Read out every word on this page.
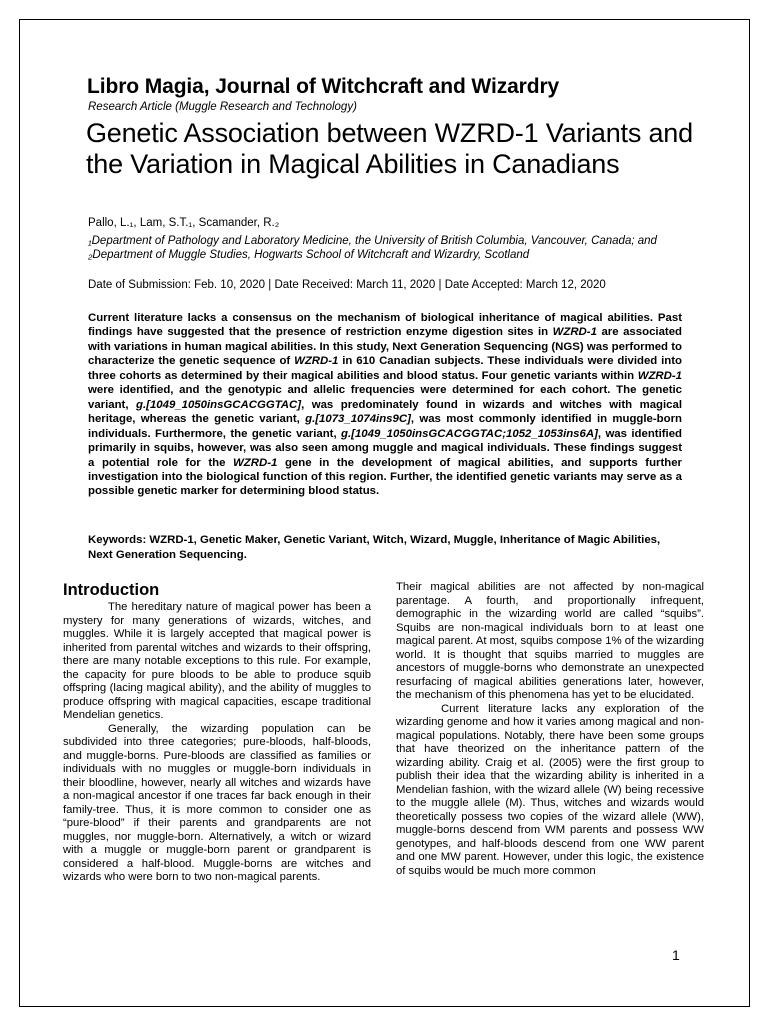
Libro Magia, Journal of Witchcraft and Wizardry
Research Article (Muggle Research and Technology)
Genetic Association between WZRD-1 Variants and the Variation in Magical Abilities in Canadians
Pallo, L.₁, Lam, S.T.₁, Scamander, R.₂
₁Department of Pathology and Laboratory Medicine, the University of British Columbia, Vancouver, Canada; and ₂Department of Muggle Studies, Hogwarts School of Witchcraft and Wizardry, Scotland
Date of Submission: Feb. 10, 2020 | Date Received: March 11, 2020 | Date Accepted: March 12, 2020
Current literature lacks a consensus on the mechanism of biological inheritance of magical abilities. Past findings have suggested that the presence of restriction enzyme digestion sites in WZRD-1 are associated with variations in human magical abilities. In this study, Next Generation Sequencing (NGS) was performed to characterize the genetic sequence of WZRD-1 in 610 Canadian subjects. These individuals were divided into three cohorts as determined by their magical abilities and blood status. Four genetic variants within WZRD-1 were identified, and the genotypic and allelic frequencies were determined for each cohort. The genetic variant, g.[1049_1050insGCACGGTAC], was predominately found in wizards and witches with magical heritage, whereas the genetic variant, g.[1073_1074ins9C], was most commonly identified in muggle-born individuals. Furthermore, the genetic variant, g.[1049_1050insGCACGGTAC;1052_1053ins6A], was identified primarily in squibs, however, was also seen among muggle and magical individuals. These findings suggest a potential role for the WZRD-1 gene in the development of magical abilities, and supports further investigation into the biological function of this region. Further, the identified genetic variants may serve as a possible genetic marker for determining blood status.
Keywords: WZRD-1, Genetic Maker, Genetic Variant, Witch, Wizard, Muggle, Inheritance of Magic Abilities, Next Generation Sequencing.
Introduction

The hereditary nature of magical power has been a mystery for many generations of wizards, witches, and muggles. While it is largely accepted that magical power is inherited from parental witches and wizards to their offspring, there are many notable exceptions to this rule. For example, the capacity for pure bloods to be able to produce squib offspring (lacing magical ability), and the ability of muggles to produce offspring with magical capacities, escape traditional Mendelian genetics.

Generally, the wizarding population can be subdivided into three categories; pure-bloods, half-bloods, and muggle-borns. Pure-bloods are classified as families or individuals with no muggles or muggle-born individuals in their bloodline, however, nearly all witches and wizards have a non-magical ancestor if one traces far back enough in their family-tree. Thus, it is more common to consider one as “pure-blood” if their parents and grandparents are not muggles, nor muggle-born. Alternatively, a witch or wizard with a muggle or muggle-born parent or grandparent is considered a half-blood. Muggle-borns are witches and wizards who were born to two non-magical parents.

Their magical abilities are not affected by non-magical parentage. A fourth, and proportionally infrequent, demographic in the wizarding world are called “squibs”. Squibs are non-magical individuals born to at least one magical parent. At most, squibs compose 1% of the wizarding world. It is thought that squibs married to muggles are ancestors of muggle-borns who demonstrate an unexpected resurfacing of magical abilities generations later, however, the mechanism of this phenomena has yet to be elucidated.

Current literature lacks any exploration of the wizarding genome and how it varies among magical and non-magical populations. Notably, there have been some groups that have theorized on the inheritance pattern of the wizarding ability. Craig et al. (2005) were the first group to publish their idea that the wizarding ability is inherited in a Mendelian fashion, with the wizard allele (W) being recessive to the muggle allele (M). Thus, witches and wizards would theoretically possess two copies of the wizard allele (WW), muggle-borns descend from WM parents and possess WW genotypes, and half-bloods descend from one WW parent and one MW parent. However, under this logic, the existence of squibs would be much more common

1
